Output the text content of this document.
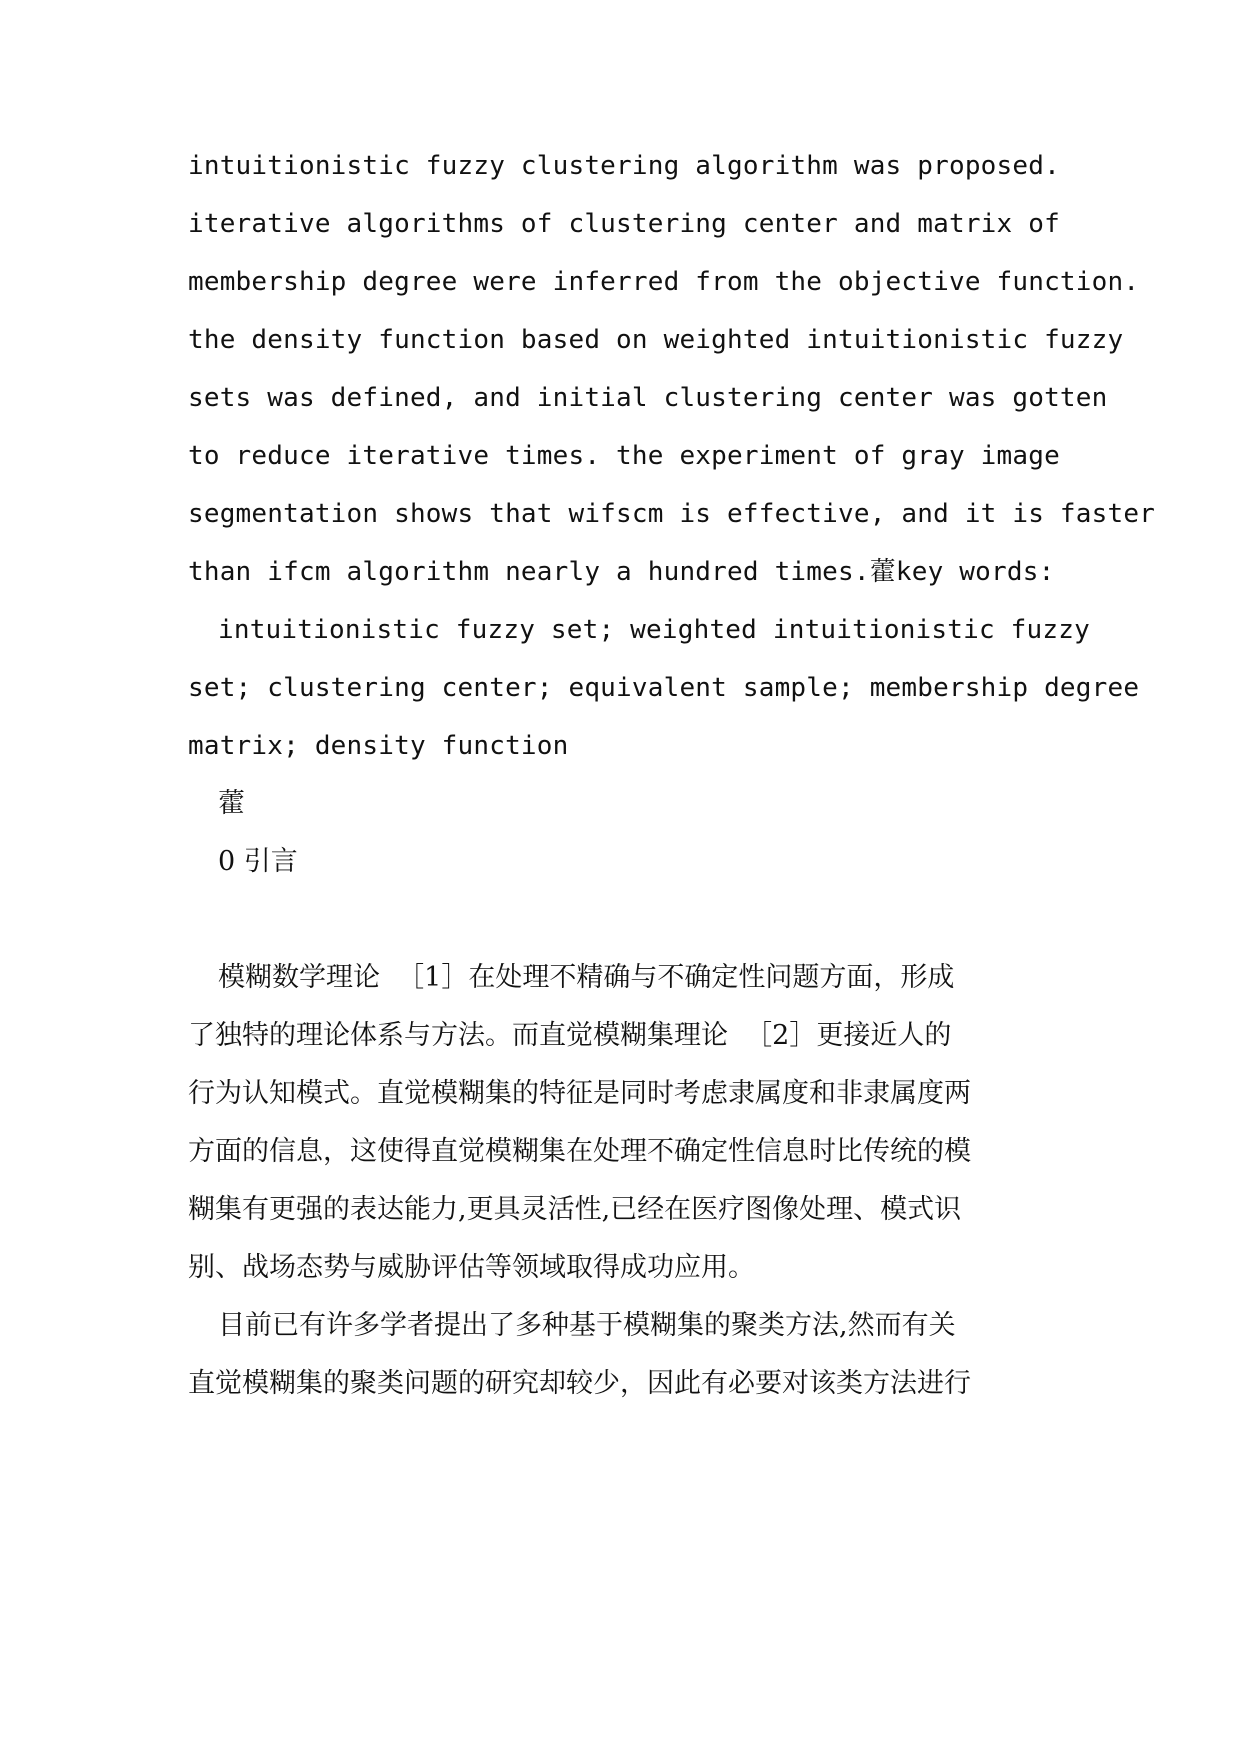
intuitionistic fuzzy clustering algorithm was proposed.
iterative algorithms of clustering center and matrix of
membership degree were inferred from the objective function.
the density function based on weighted intuitionistic fuzzy
sets was defined, and initial clustering center was gotten
to reduce iterative times. the experiment of gray image
segmentation shows that wifscm is effective, and it is faster
than ifcm algorithm nearly a hundred times.藿key words:
intuitionistic fuzzy set; weighted intuitionistic fuzzy
set; clustering center; equivalent sample; membership degree
matrix; density function
藿
0 引言
模糊数学理论  ［1］在处理不精确与不确定性问题方面，形成
了独特的理论体系与方法。而直觉模糊集理论  ［2］更接近人的
行为认知模式。直觉模糊集的特征是同时考虑隶属度和非隶属度两
方面的信息，这使得直觉模糊集在处理不确定性信息时比传统的模
糊集有更强的表达能力,更具灵活性,已经在医疗图像处理、模式识
别、战场态势与威胁评估等领域取得成功应用。
目前已有许多学者提出了多种基于模糊集的聚类方法,然而有关
直觉模糊集的聚类问题的研究却较少，因此有必要对该类方法进行
